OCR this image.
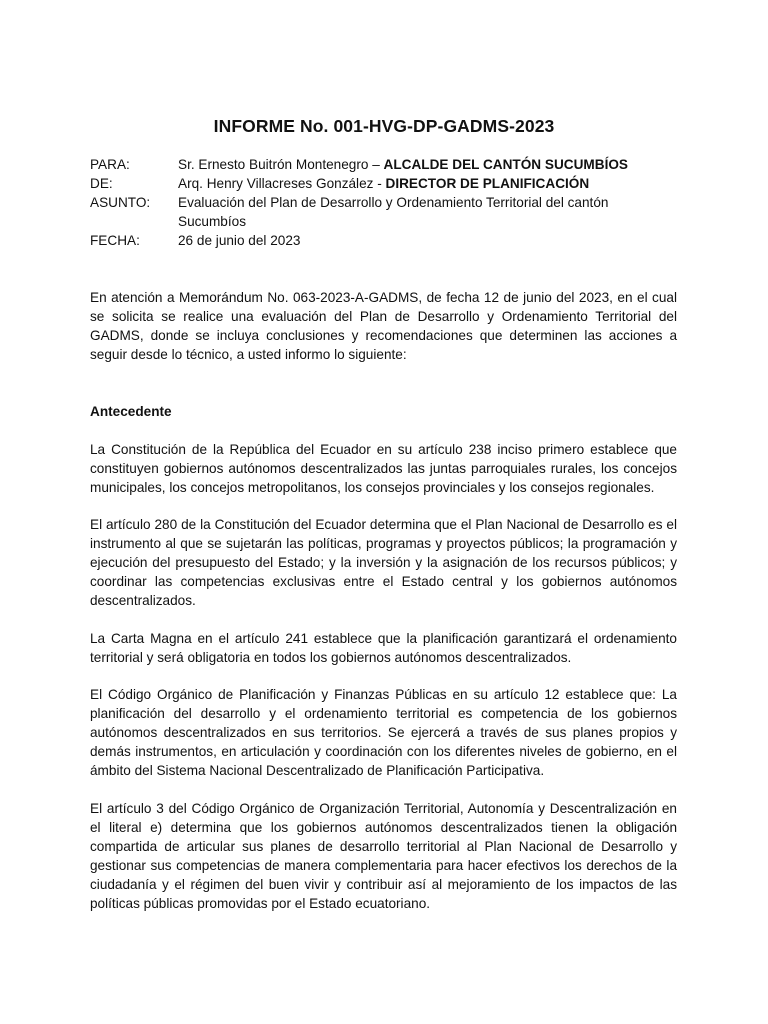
INFORME No. 001-HVG-DP-GADMS-2023
PARA:	Sr. Ernesto Buitrón Montenegro – ALCALDE DEL CANTÓN SUCUMBÍOS
DE:	Arq. Henry Villacreses González - DIRECTOR DE PLANIFICACIÓN
ASUNTO:	Evaluación del Plan de Desarrollo y Ordenamiento Territorial del cantón Sucumbíos
FECHA:	26 de junio del 2023

En atención a Memorándum No. 063-2023-A-GADMS, de fecha 12 de junio del 2023, en el cual se solicita se realice una evaluación del Plan de Desarrollo y Ordenamiento Territorial del GADMS, donde se incluya conclusiones y recomendaciones que determinen las acciones a seguir desde lo técnico, a usted informo lo siguiente:

Antecedente

La Constitución de la República del Ecuador en su artículo 238 inciso primero establece que constituyen gobiernos autónomos descentralizados las juntas parroquiales rurales, los concejos municipales, los concejos metropolitanos, los consejos provinciales y los consejos regionales.

El artículo 280 de la Constitución del Ecuador determina que el Plan Nacional de Desarrollo es el instrumento al que se sujetarán las políticas, programas y proyectos públicos; la programación y ejecución del presupuesto del Estado; y la inversión y la asignación de los recursos públicos; y coordinar las competencias exclusivas entre el Estado central y los gobiernos autónomos descentralizados.

La Carta Magna en el artículo 241 establece que la planificación garantizará el ordenamiento territorial y será obligatoria en todos los gobiernos autónomos descentralizados.

El Código Orgánico de Planificación y Finanzas Públicas en su artículo 12 establece que: La planificación del desarrollo y el ordenamiento territorial es competencia de los gobiernos autónomos descentralizados en sus territorios. Se ejercerá a través de sus planes propios y demás instrumentos, en articulación y coordinación con los diferentes niveles de gobierno, en el ámbito del Sistema Nacional Descentralizado de Planificación Participativa.

El artículo 3 del Código Orgánico de Organización Territorial, Autonomía y Descentralización en el literal e) determina que los gobiernos autónomos descentralizados tienen la obligación compartida de articular sus planes de desarrollo territorial al Plan Nacional de Desarrollo y gestionar sus competencias de manera complementaria para hacer efectivos los derechos de la ciudadanía y el régimen del buen vivir y contribuir así al mejoramiento de los impactos de las políticas públicas promovidas por el Estado ecuatoriano.
